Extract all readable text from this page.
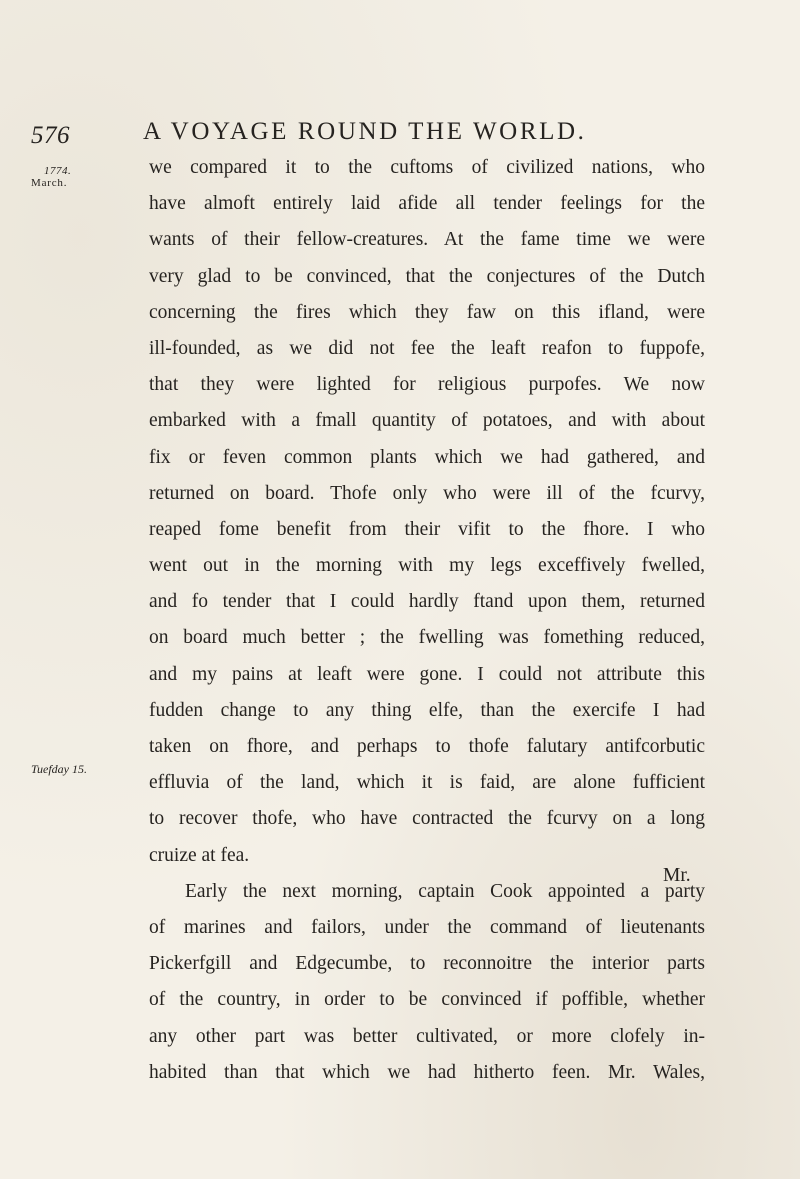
576	A VOYAGE ROUND THE WORLD.
1774.
March.
Tuefday 15.
we compared it to the cuftoms of civilized nations, who
have almoft entirely laid afide all tender feelings for the
wants of their fellow-creatures. At the fame time we were
very glad to be convinced, that the conjectures of the Dutch
concerning the fires which they faw on this ifland, were
ill-founded, as we did not fee the leaft reafon to fuppofe,
that they were lighted for religious purpofes. We now
embarked with a fmall quantity of potatoes, and with about
fix or feven common plants which we had gathered, and
returned on board. Thofe only who were ill of the fcurvy,
reaped fome benefit from their vifit to the fhore. I who
went out in the morning with my legs exceffively fwelled,
and fo tender that I could hardly ftand upon them, returned
on board much better ; the fwelling was fomething reduced,
and my pains at leaft were gone. I could not attribute this
fudden change to any thing elfe, than the exercife I had
taken on fhore, and perhaps to thofe falutary antifcorbutic
effluvia of the land, which it is faid, are alone fufficient
to recover thofe, who have contracted the fcurvy on a long
cruize at fea.
Early the next morning, captain Cook appointed a party
of marines and failors, under the command of lieutenants
Pickerfgill and Edgecumbe, to reconnoitre the interior parts
of the country, in order to be convinced if poffible, whether
any other part was better cultivated, or more clofely in-
habited than that which we had hitherto feen. Mr. Wales,
Mr.
